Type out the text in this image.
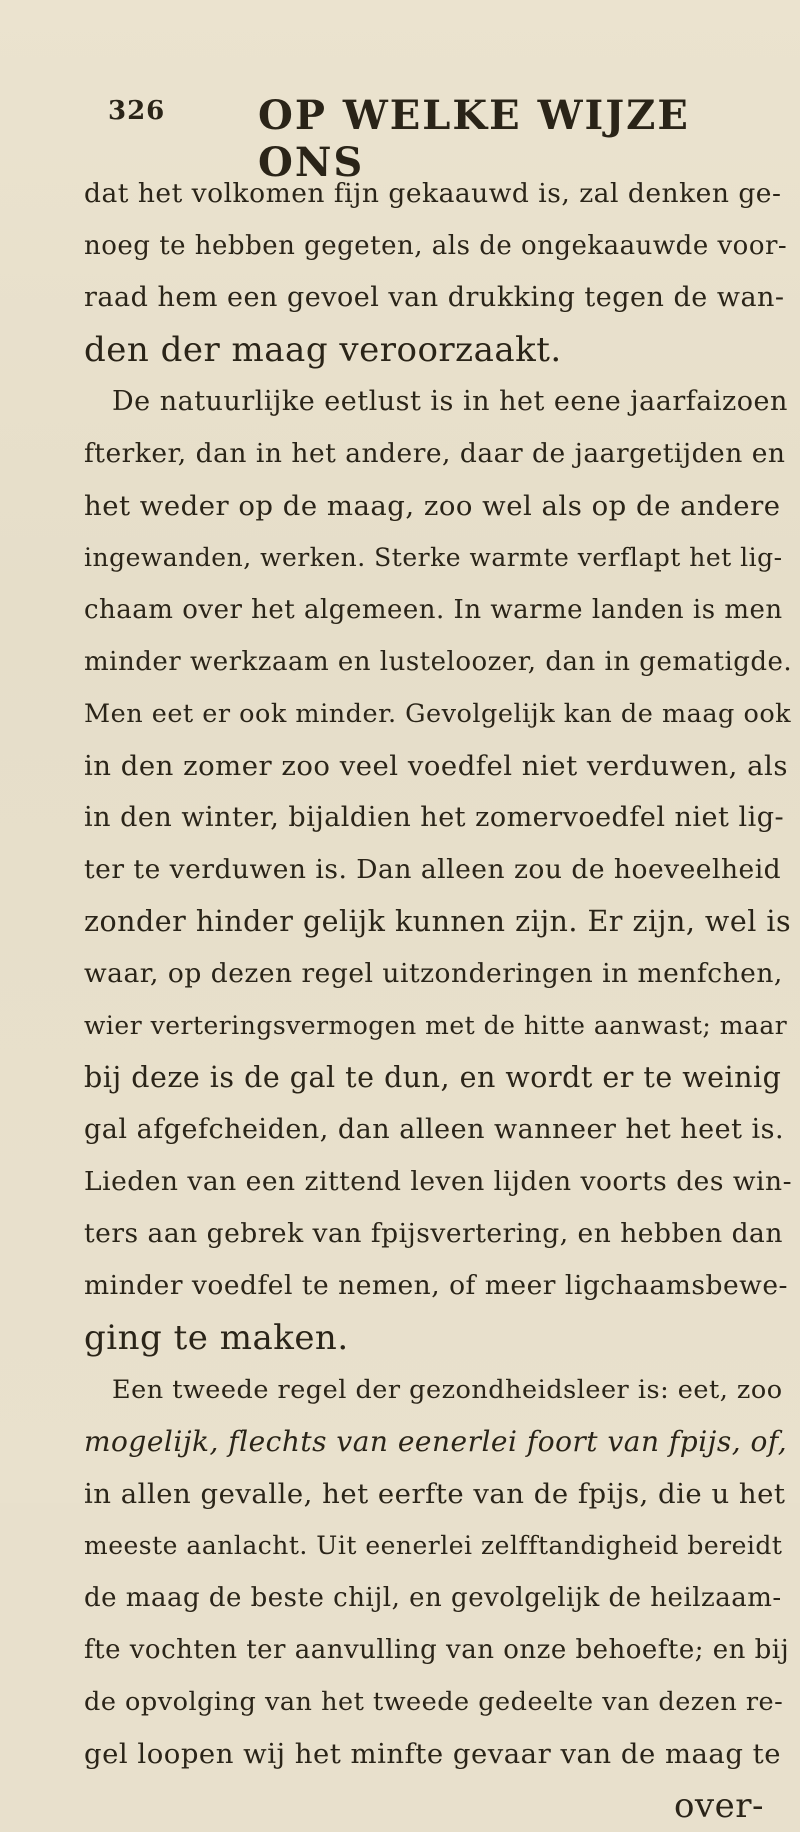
326 OP WELKE WIJZE ONS
dat het volkomen fijn gekaauwd is, zal denken ge-
noeg te hebben gegeten, als de ongekaauwde voor-
raad hem een gevoel van drukking tegen de wan-
den der maag veroorzaakt.
De natuurlijke eetlust is in het eene jaarfaizoen
fterker, dan in het andere, daar de jaargetijden en
het weder op de maag, zoo wel als op de andere
ingewanden, werken. Sterke warmte verflapt het lig-
chaam over het algemeen. In warme landen is men
minder werkzaam en lusteloozer, dan in gematigde.
Men eet er ook minder. Gevolgelijk kan de maag ook
in den zomer zoo veel voedfel niet verduwen, als
in den winter, bijaldien het zomervoedfel niet lig-
ter te verduwen is. Dan alleen zou de hoeveelheid
zonder hinder gelijk kunnen zijn. Er zijn, wel is
waar, op dezen regel uitzonderingen in menfchen,
wier verteringsvermogen met de hitte aanwast; maar
bij deze is de gal te dun, en wordt er te weinig
gal afgefcheiden, dan alleen wanneer het heet is.
Lieden van een zittend leven lijden voorts des win-
ters aan gebrek van fpijsvertering, en hebben dan
minder voedfel te nemen, of meer ligchaamsbewe-
ging te maken.
Een tweede regel der gezondheidsleer is: eet, zoo
mogelijk, flechts van eenerlei foort van fpijs, of,
in allen gevalle, het eerfte van de fpijs, die u het
meeste aanlacht. Uit eenerlei zelfftandigheid bereidt
de maag de beste chijl, en gevolgelijk de heilzaam-
fte vochten ter aanvulling van onze behoefte; en bij
de opvolging van het tweede gedeelte van dezen re-
gel loopen wij het minfte gevaar van de maag te
over-
